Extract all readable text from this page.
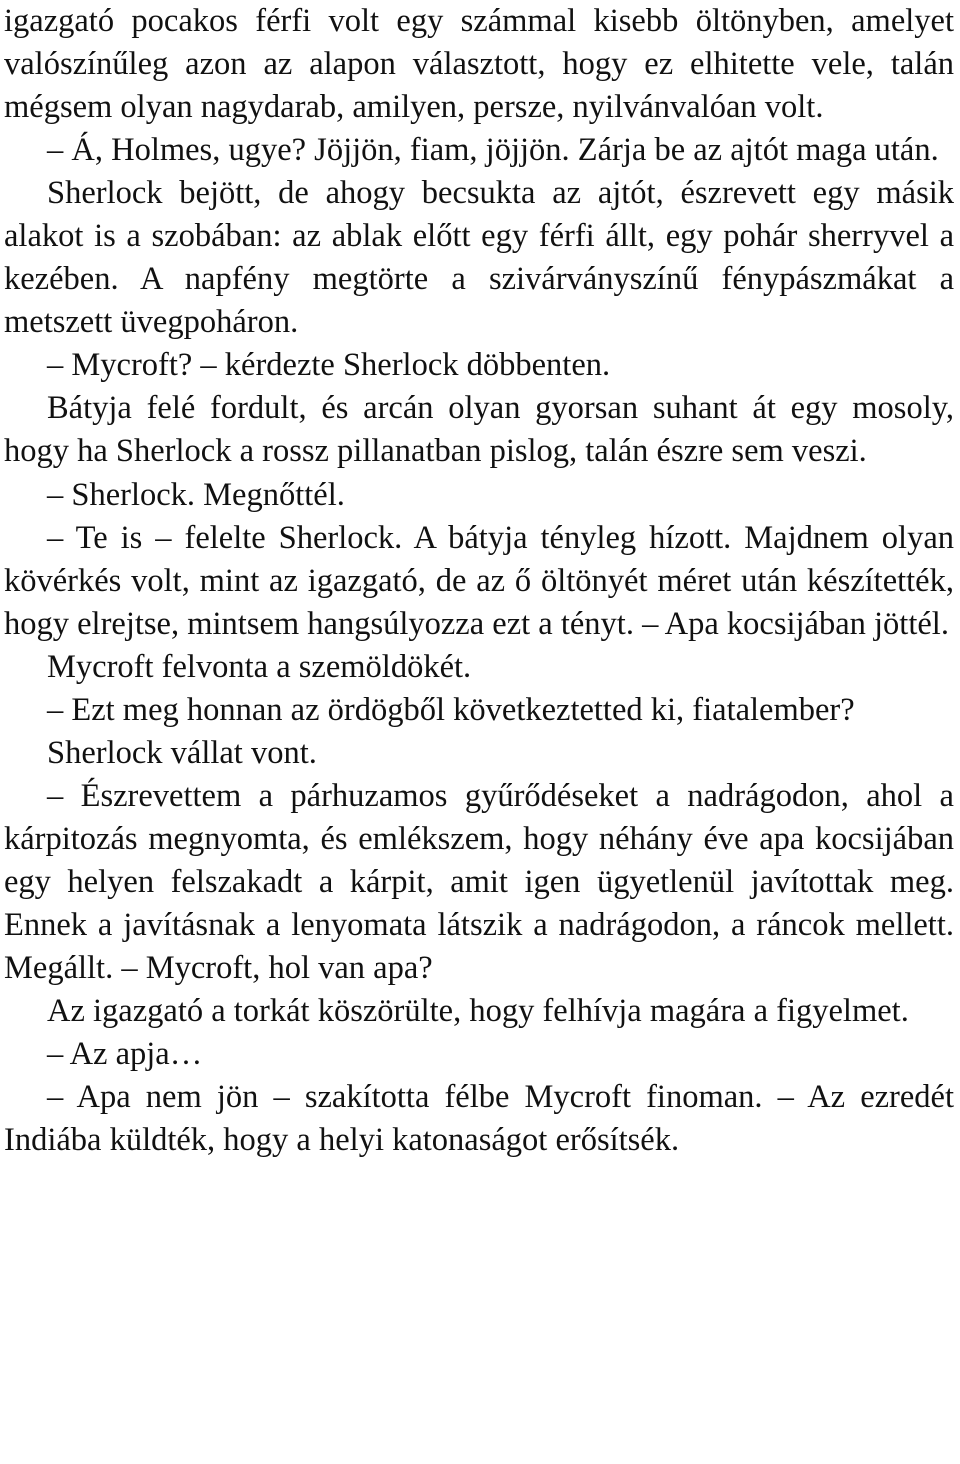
igazgató pocakos férfi volt egy számmal kisebb öltönyben, amelyet valószínűleg azon az alapon választott, hogy ez elhitette vele, talán mégsem olyan nagydarab, amilyen, persze, nyilvánvalóan volt.

– Á, Holmes, ugye? Jöjjön, fiam, jöjjön. Zárja be az ajtót maga után.

Sherlock bejött, de ahogy becsukta az ajtót, észrevett egy másik alakot is a szobában: az ablak előtt egy férfi állt, egy pohár sherryvel a kezében. A napfény megtörte a szivárványszínű fénypászmákat a metszett üvegpoháron.

– Mycroft? – kérdezte Sherlock döbbenten.

Bátyja felé fordult, és arcán olyan gyorsan suhant át egy mosoly, hogy ha Sherlock a rossz pillanatban pislog, talán észre sem veszi.

– Sherlock. Megnőttél.

– Te is – felelte Sherlock. A bátyja tényleg hízott. Majdnem olyan kövérkés volt, mint az igazgató, de az ő öltönyét méret után készítették, hogy elrejtse, mintsem hangsúlyozza ezt a tényt. – Apa kocsijában jöttél.

Mycroft felvonta a szemöldökét.

– Ezt meg honnan az ördögből következtetted ki, fiatalember?

Sherlock vállat vont.

– Észrevettem a párhuzamos gyűrődéseket a nadrágodon, ahol a kárpitozás megnyomta, és emlékszem, hogy néhány éve apa kocsijában egy helyen felszakadt a kárpit, amit igen ügyetlenül javítottak meg. Ennek a javításnak a lenyomata látszik a nadrágodon, a ráncok mellett. Megállt. – Mycroft, hol van apa?

Az igazgató a torkát köszörülte, hogy felhívja magára a figyelmet.

– Az apja…

– Apa nem jön – szakította félbe Mycroft finoman. – Az ezredét Indiába küldték, hogy a helyi katonaságot erősítsék.
